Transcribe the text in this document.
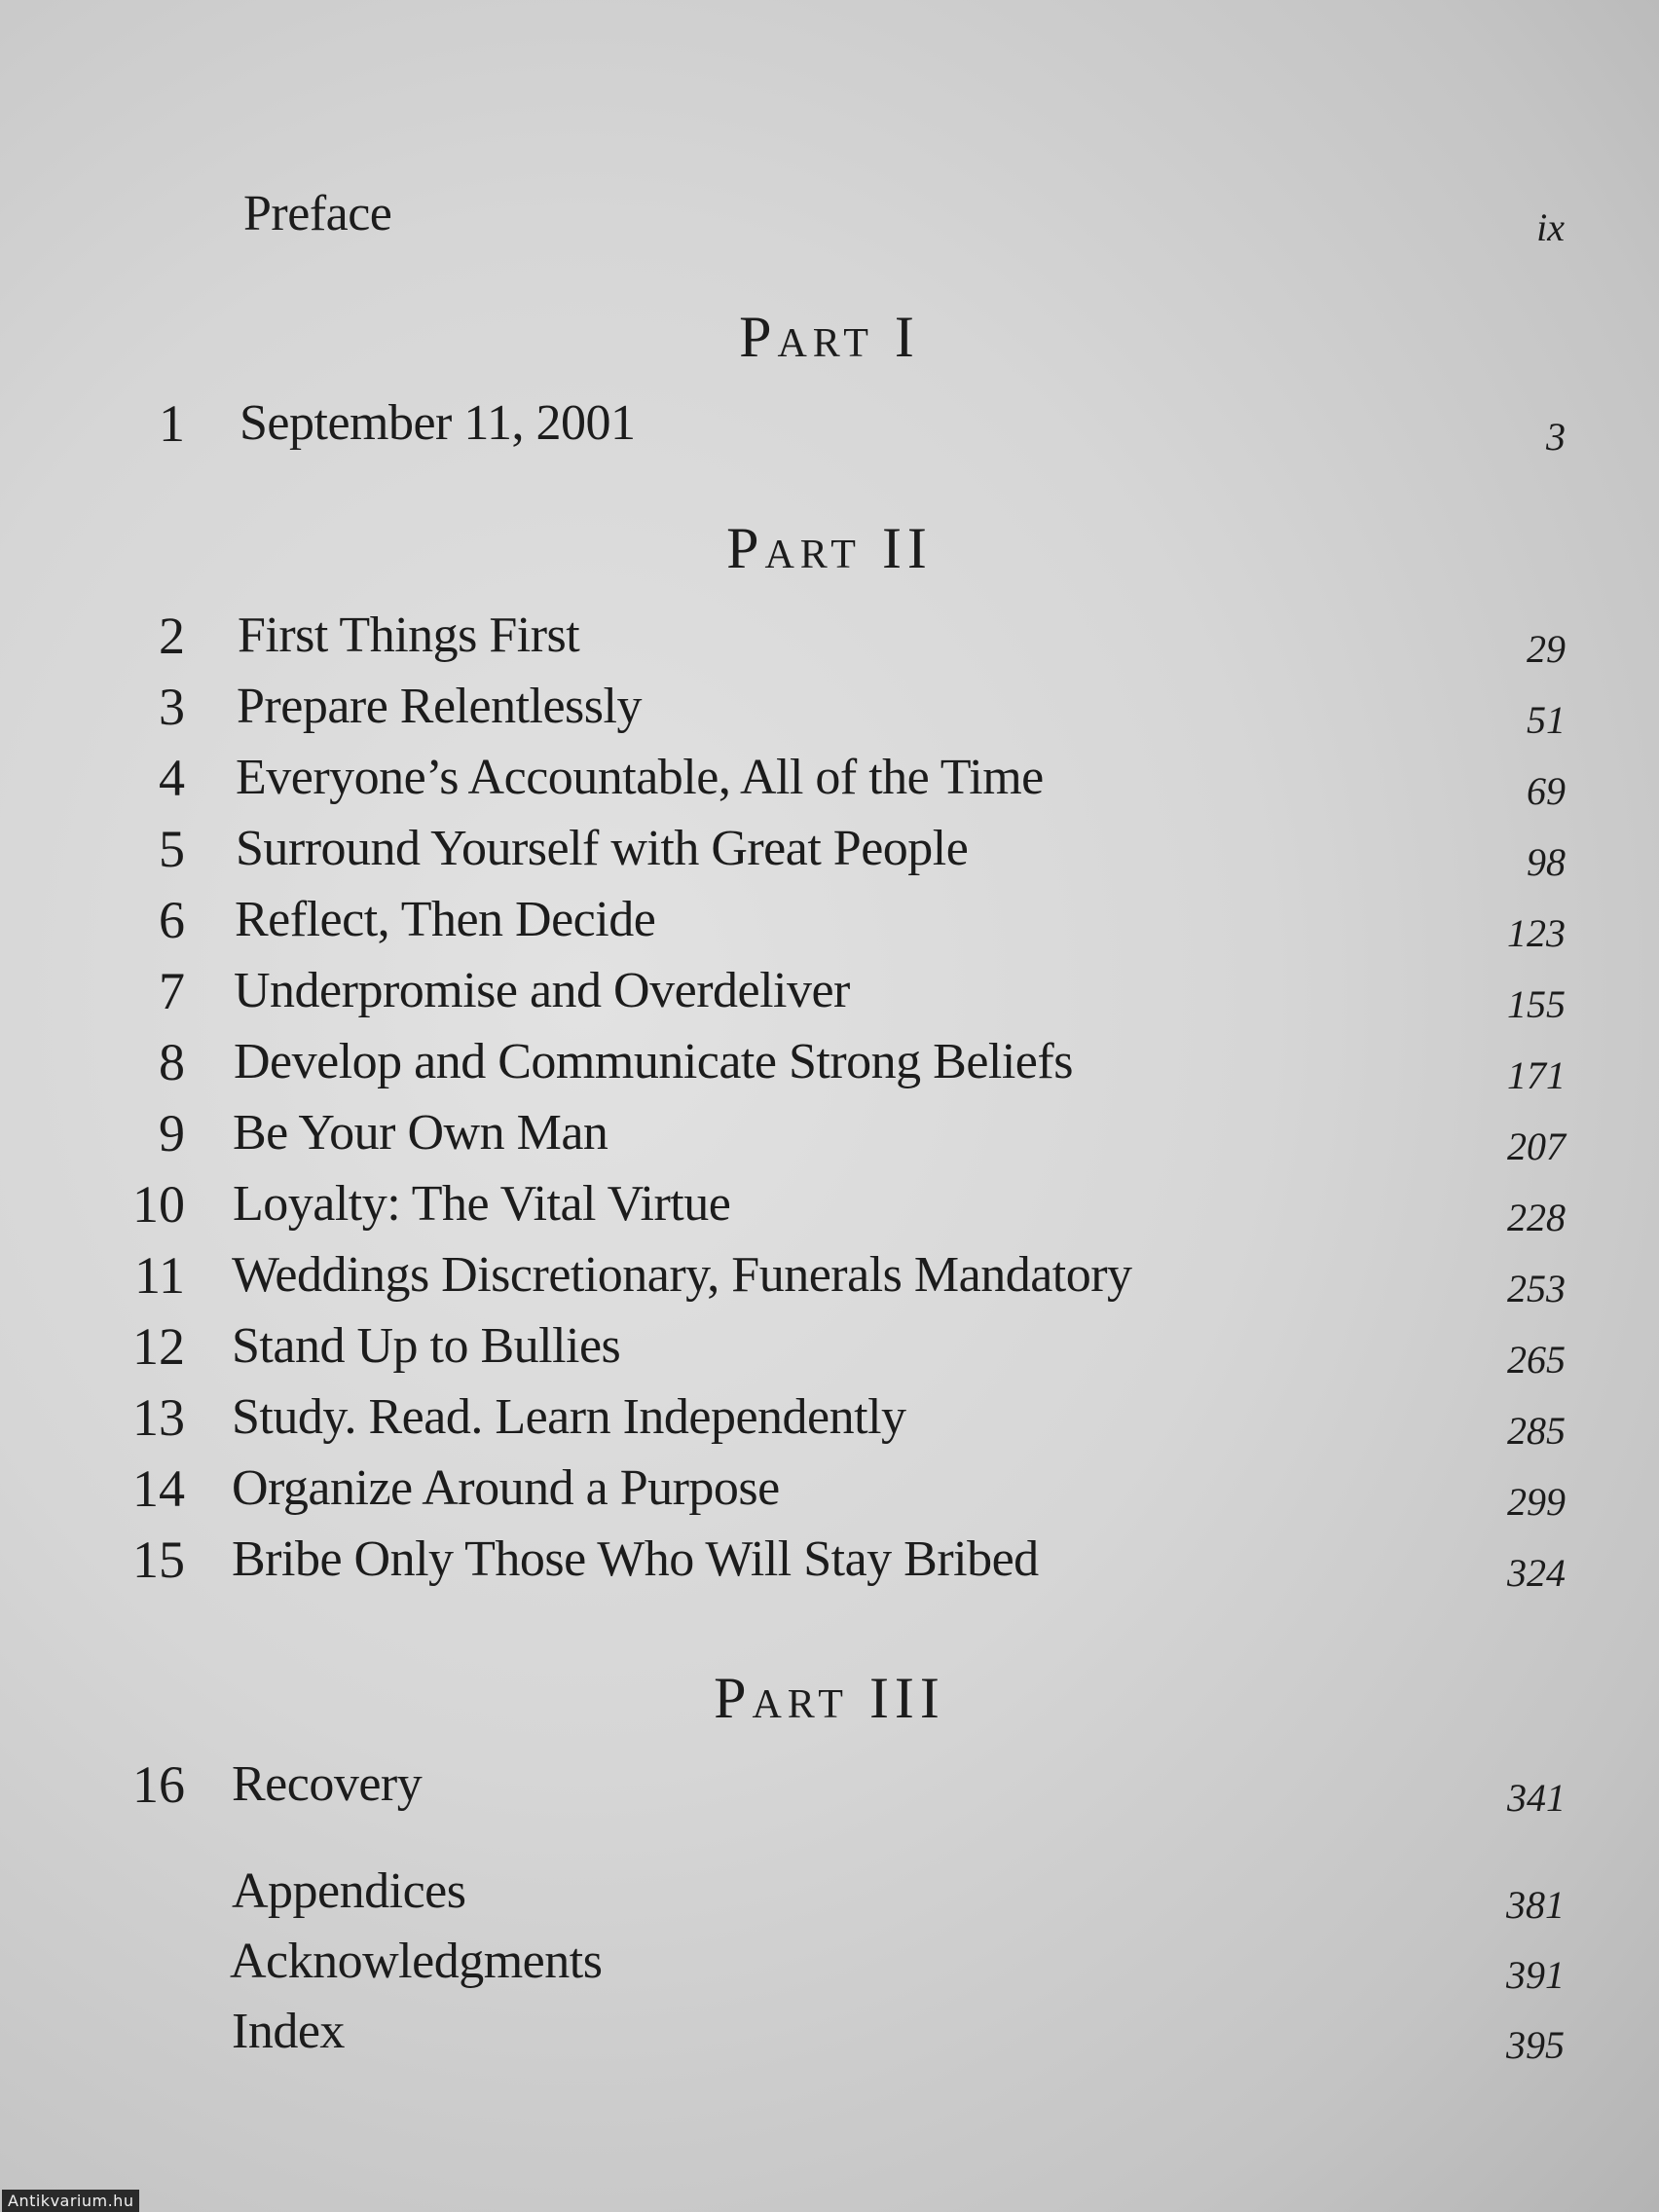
Preface	ix
Part I
1 September 11, 2001	3
Part II
2 First Things First	29
3 Prepare Relentlessly	51
4 Everyone’s Accountable, All of the Time	69
5 Surround Yourself with Great People	98
6 Reflect, Then Decide	123
7 Underpromise and Overdeliver	155
8 Develop and Communicate Strong Beliefs	171
9 Be Your Own Man	207
10 Loyalty: The Vital Virtue	228
11 Weddings Discretionary, Funerals Mandatory	253
12 Stand Up to Bullies	265
13 Study. Read. Learn Independently	285
14 Organize Around a Purpose	299
15 Bribe Only Those Who Will Stay Bribed	324
Part III
16 Recovery	341
Appendices	381
Acknowledgments	391
Index	395
Antikvarium.hu
